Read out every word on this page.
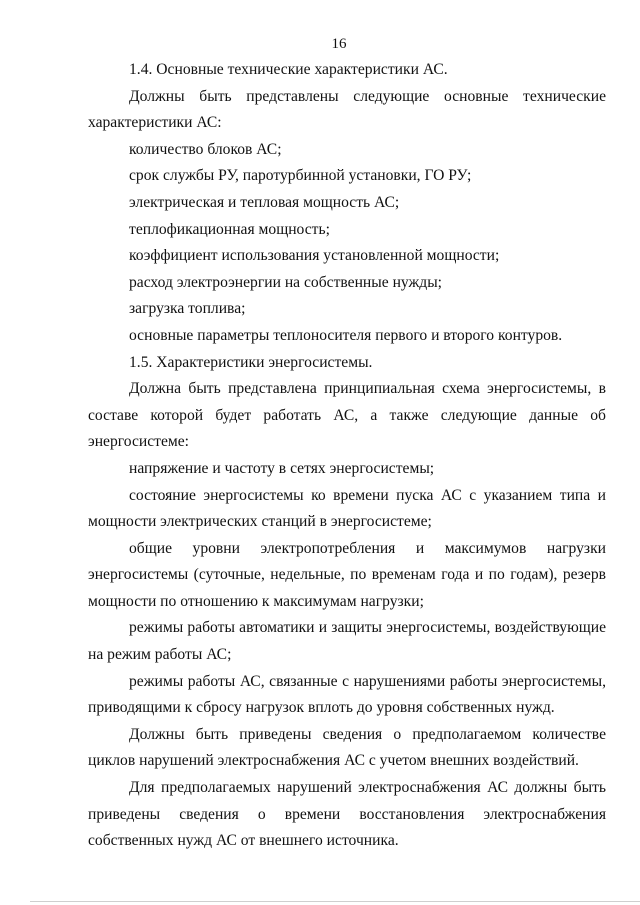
16

1.4. Основные технические характеристики АС.

Должны быть представлены следующие основные технические характеристики АС:

количество блоков АС;

срок службы РУ, паротурбинной установки, ГО РУ;

электрическая и тепловая мощность АС;

теплофикационная мощность;

коэффициент использования установленной мощности;

расход электроэнергии на собственные нужды;

загрузка топлива;

основные параметры теплоносителя первого и второго контуров.

1.5. Характеристики энергосистемы.

Должна быть представлена принципиальная схема энергосистемы, в составе которой будет работать АС, а также следующие данные об энергосистеме:

напряжение и частоту в сетях энергосистемы;

состояние энергосистемы ко времени пуска АС с указанием типа и мощности электрических станций в энергосистеме;

общие уровни электропотребления и максимумов нагрузки энергосистемы (суточные, недельные, по временам года и по годам), резерв мощности по отношению к максимумам нагрузки;

режимы работы автоматики и защиты энергосистемы, воздействующие на режим работы АС;

режимы работы АС, связанные с нарушениями работы энергосистемы, приводящими к сбросу нагрузок вплоть до уровня собственных нужд.

Должны быть приведены сведения о предполагаемом количестве циклов нарушений электроснабжения АС с учетом внешних воздействий.

Для предполагаемых нарушений электроснабжения АС должны быть приведены сведения о времени восстановления электроснабжения собственных нужд АС от внешнего источника.
